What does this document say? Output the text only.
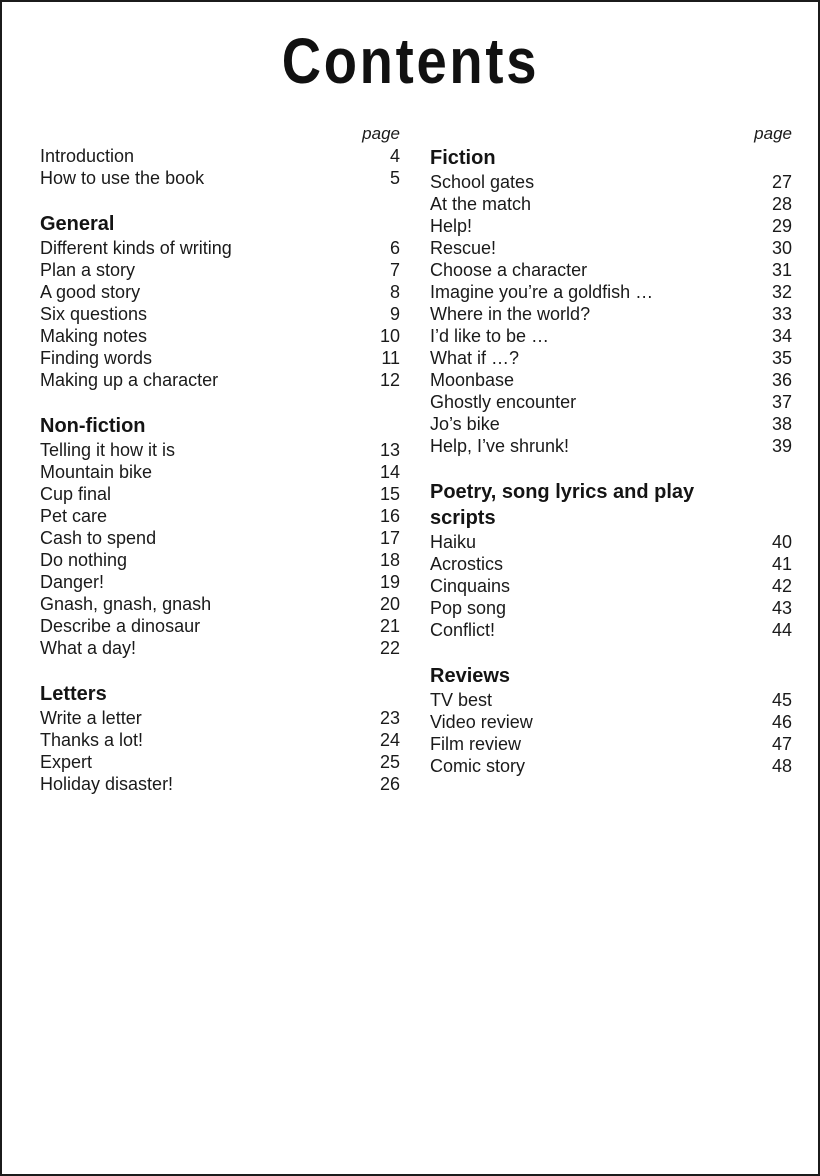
Contents
page
Introduction	4
How to use the book	5
General
Different kinds of writing	6
Plan a story	7
A good story	8
Six questions	9
Making notes	10
Finding words	11
Making up a character	12
Non-fiction
Telling it how it is	13
Mountain bike	14
Cup final	15
Pet care	16
Cash to spend	17
Do nothing	18
Danger!	19
Gnash, gnash, gnash	20
Describe a dinosaur	21
What a day!	22
Letters
Write a letter	23
Thanks a lot!	24
Expert	25
Holiday disaster!	26
page
Fiction
School gates	27
At the match	28
Help!	29
Rescue!	30
Choose a character	31
Imagine you’re a goldfish …	32
Where in the world?	33
I’d like to be …	34
What if …?	35
Moonbase	36
Ghostly encounter	37
Jo’s bike	38
Help, I’ve shrunk!	39
Poetry, song lyrics and play scripts
Haiku	40
Acrostics	41
Cinquains	42
Pop song	43
Conflict!	44
Reviews
TV best	45
Video review	46
Film review	47
Comic story	48
